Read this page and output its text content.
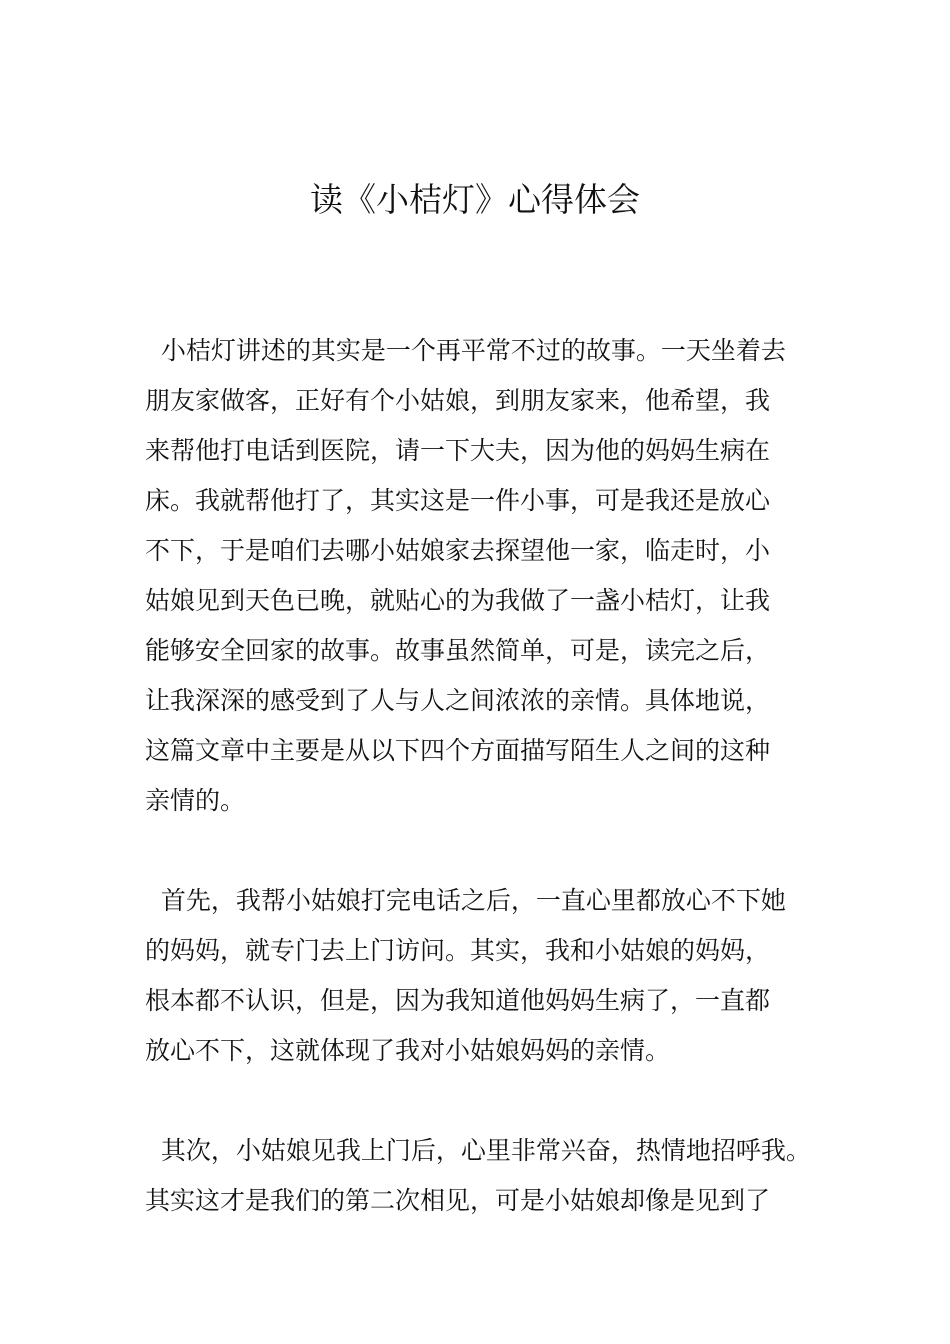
读《小桔灯》心得体会
小桔灯讲述的其实是一个再平常不过的故事。一天坐着去
朋友家做客，正好有个小姑娘，到朋友家来，他希望，我
来帮他打电话到医院，请一下大夫，因为他的妈妈生病在
床。我就帮他打了，其实这是一件小事，可是我还是放心
不下，于是咱们去哪小姑娘家去探望他一家，临走时，小
姑娘见到天色已晚，就贴心的为我做了一盏小桔灯，让我
能够安全回家的故事。故事虽然简单，可是，读完之后，
让我深深的感受到了人与人之间浓浓的亲情。具体地说，
这篇文章中主要是从以下四个方面描写陌生人之间的这种
亲情的。
首先，我帮小姑娘打完电话之后，一直心里都放心不下她
的妈妈，就专门去上门访问。其实，我和小姑娘的妈妈，
根本都不认识，但是，因为我知道他妈妈生病了，一直都
放心不下，这就体现了我对小姑娘妈妈的亲情。
其次，小姑娘见我上门后，心里非常兴奋，热情地招呼我。
其实这才是我们的第二次相见，可是小姑娘却像是见到了
